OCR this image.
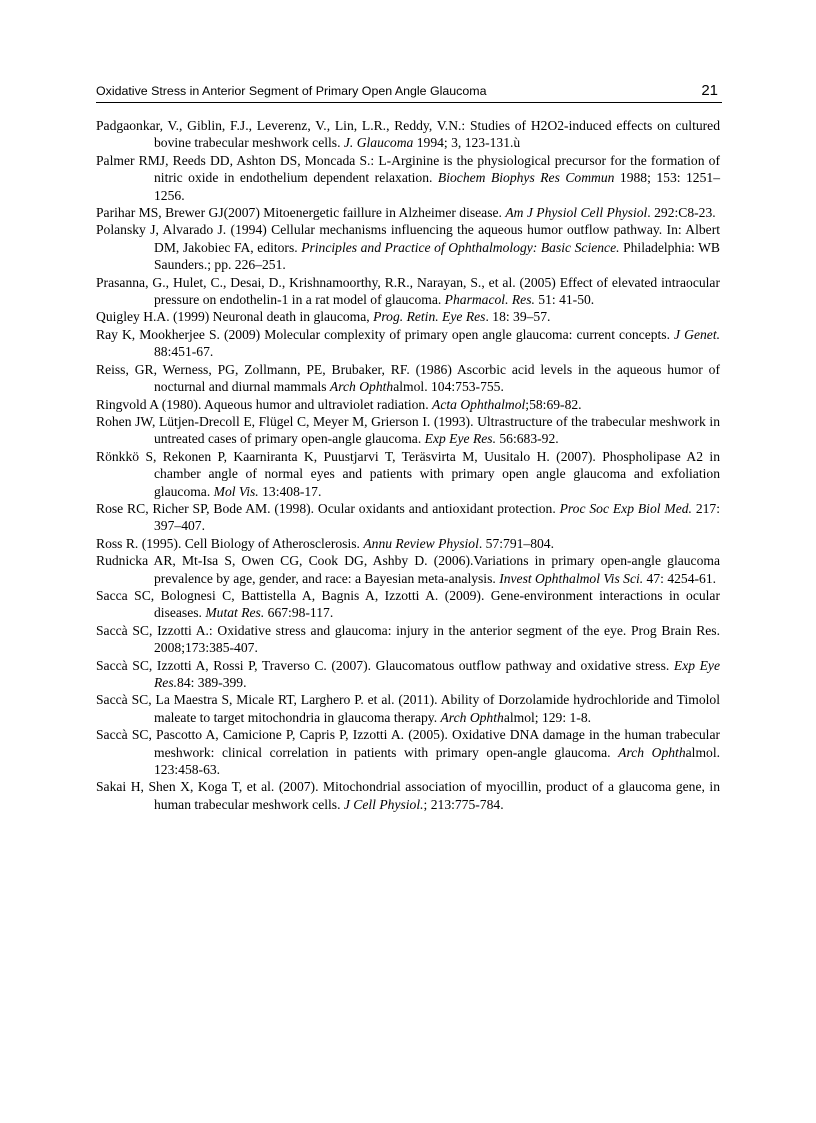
Oxidative Stress in Anterior Segment of Primary Open Angle Glaucoma	21

Padgaonkar, V., Giblin, F.J., Leverenz, V., Lin, L.R., Reddy, V.N.: Studies of H2O2-induced effects on cultured bovine trabecular meshwork cells. J. Glaucoma 1994; 3, 123-131.ù

Palmer RMJ, Reeds DD, Ashton DS, Moncada S.: L-Arginine is the physiological precursor for the formation of nitric oxide in endothelium dependent relaxation. Biochem Biophys Res Commun 1988; 153: 1251–1256.

Parihar MS, Brewer GJ(2007) Mitoenergetic faillure in Alzheimer disease. Am J Physiol Cell Physiol. 292:C8-23.

Polansky J, Alvarado J. (1994) Cellular mechanisms influencing the aqueous humor outflow pathway. In: Albert DM, Jakobiec FA, editors. Principles and Practice of Ophthalmology: Basic Science. Philadelphia: WB Saunders.; pp. 226–251.

Prasanna, G., Hulet, C., Desai, D., Krishnamoorthy, R.R., Narayan, S., et al. (2005) Effect of elevated intraocular pressure on endothelin-1 in a rat model of glaucoma. Pharmacol. Res. 51: 41-50.

Quigley H.A. (1999) Neuronal death in glaucoma, Prog. Retin. Eye Res. 18: 39–57.

Ray K, Mookherjee S. (2009) Molecular complexity of primary open angle glaucoma: current concepts. J Genet. 88:451-67.

Reiss, GR, Werness, PG, Zollmann, PE, Brubaker, RF. (1986) Ascorbic acid levels in the aqueous humor of nocturnal and diurnal mammals Arch Ophthalmol. 104:753-755.

Ringvold A (1980). Aqueous humor and ultraviolet radiation. Acta Ophthalmol;58:69-82.

Rohen JW, Lütjen-Drecoll E, Flügel C, Meyer M, Grierson I. (1993). Ultrastructure of the trabecular meshwork in untreated cases of primary open-angle glaucoma. Exp Eye Res. 56:683-92.

Rönkkö S, Rekonen P, Kaarniranta K, Puustjarvi T, Teräsvirta M, Uusitalo H. (2007). Phospholipase A2 in chamber angle of normal eyes and patients with primary open angle glaucoma and exfoliation glaucoma. Mol Vis. 13:408-17.

Rose RC, Richer SP, Bode AM. (1998). Ocular oxidants and antioxidant protection. Proc Soc Exp Biol Med. 217: 397–407.

Ross R. (1995). Cell Biology of Atherosclerosis. Annu Review Physiol. 57:791–804.

Rudnicka AR, Mt-Isa S, Owen CG, Cook DG, Ashby D. (2006).Variations in primary open-angle glaucoma prevalence by age, gender, and race: a Bayesian meta-analysis. Invest Ophthalmol Vis Sci. 47: 4254-61.

Sacca SC, Bolognesi C, Battistella A, Bagnis A, Izzotti A. (2009). Gene-environment interactions in ocular diseases. Mutat Res. 667:98-117.

Saccà SC, Izzotti A.: Oxidative stress and glaucoma: injury in the anterior segment of the eye. Prog Brain Res. 2008;173:385-407.

Saccà SC, Izzotti A, Rossi P, Traverso C. (2007). Glaucomatous outflow pathway and oxidative stress. Exp Eye Res.84: 389-399.

Saccà SC, La Maestra S, Micale RT, Larghero P. et al. (2011). Ability of Dorzolamide hydrochloride and Timolol maleate to target mitochondria in glaucoma therapy. Arch Ophthalmol; 129: 1-8.

Saccà SC, Pascotto A, Camicione P, Capris P, Izzotti A. (2005). Oxidative DNA damage in the human trabecular meshwork: clinical correlation in patients with primary open-angle glaucoma. Arch Ophthalmol. 123:458-63.

Sakai H, Shen X, Koga T, et al. (2007). Mitochondrial association of myocillin, product of a glaucoma gene, in human trabecular meshwork cells. J Cell Physiol.; 213:775-784.
